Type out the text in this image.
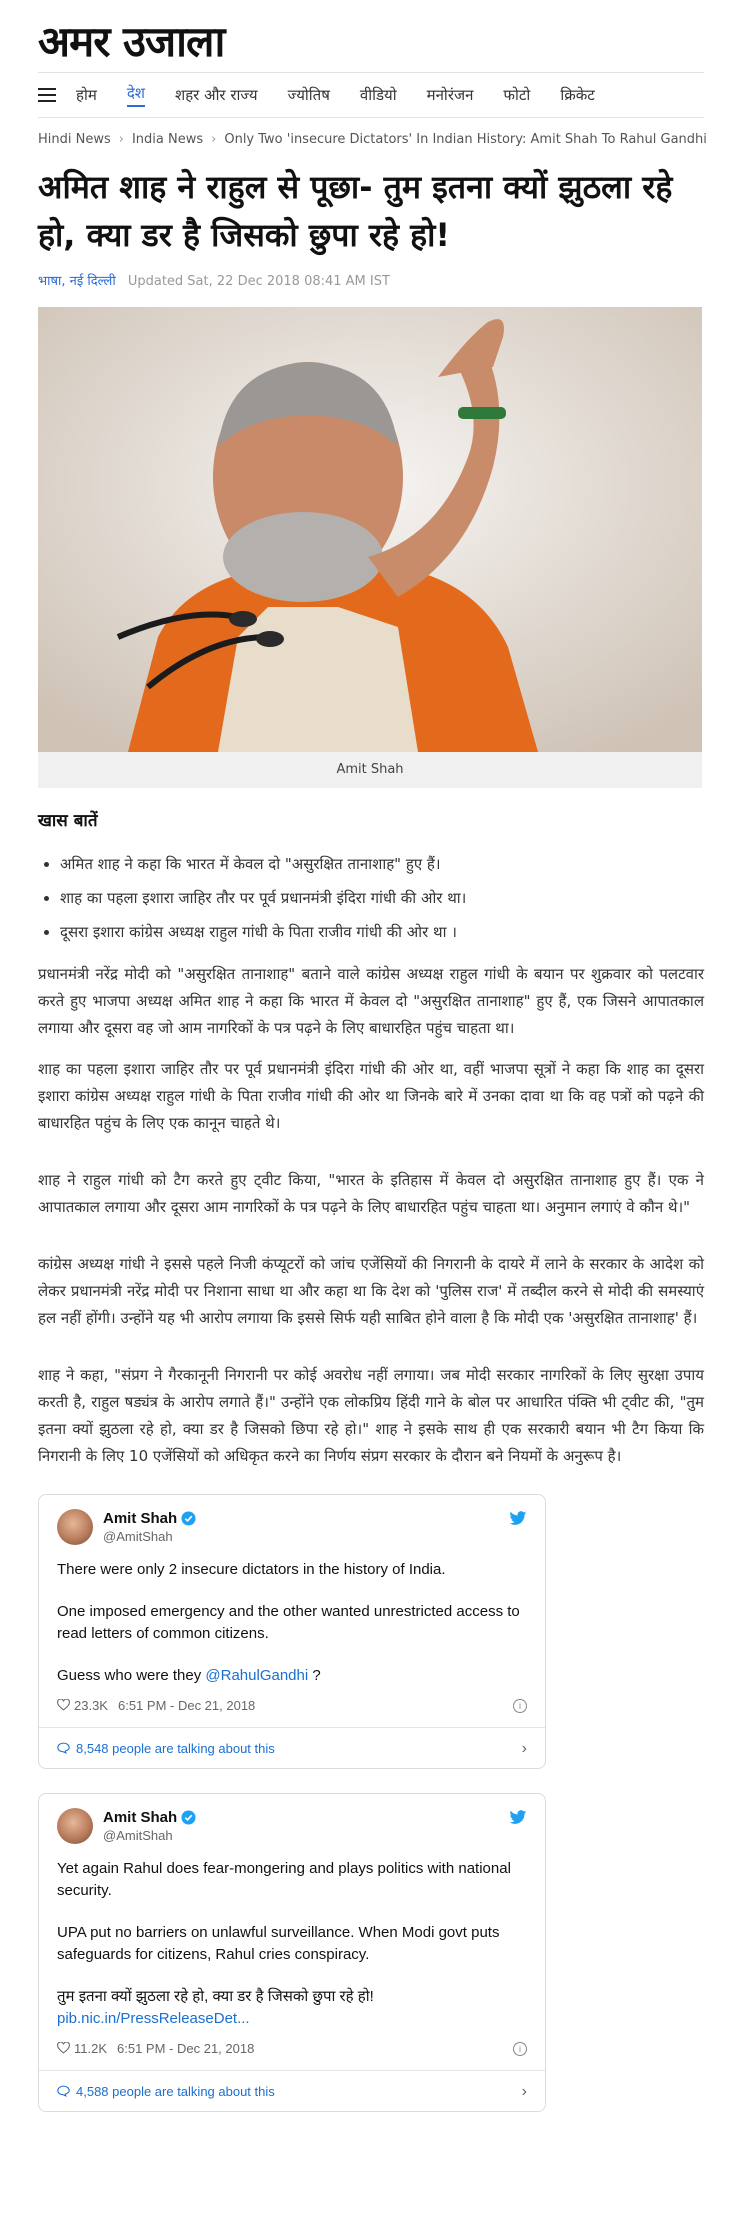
अमर उजाला
होम देश शहर और राज्य ज्योतिष वीडियो मनोरंजन फोटो क्रिकेट
Hindi News › India News › Only Two 'insecure Dictators' In Indian History: Amit Shah To Rahul Gandhi
अमित शाह ने राहुल से पूछा- तुम इतना क्यों झुठला रहे हो, क्या डर है जिसको छुपा रहे हो!
भाषा, नई दिल्ली Updated Sat, 22 Dec 2018 08:41 AM IST
Amit Shah
खास बातें
• अमित शाह ने कहा कि भारत में केवल दो "असुरक्षित तानाशाह" हुए हैं।
• शाह का पहला इशारा जाहिर तौर पर पूर्व प्रधानमंत्री इंदिरा गांधी की ओर था।
• दूसरा इशारा कांग्रेस अध्यक्ष राहुल गांधी के पिता राजीव गांधी की ओर था ।
प्रधानमंत्री नरेंद्र मोदी को "असुरक्षित तानाशाह" बताने वाले कांग्रेस अध्यक्ष राहुल गांधी के बयान पर शुक्रवार को पलटवार करते हुए भाजपा अध्यक्ष अमित शाह ने कहा कि भारत में केवल दो "असुरक्षित तानाशाह" हुए हैं, एक जिसने आपातकाल लगाया और दूसरा वह जो आम नागरिकों के पत्र पढ़ने के लिए बाधारहित पहुंच चाहता था।
शाह का पहला इशारा जाहिर तौर पर पूर्व प्रधानमंत्री इंदिरा गांधी की ओर था, वहीं भाजपा सूत्रों ने कहा कि शाह का दूसरा इशारा कांग्रेस अध्यक्ष राहुल गांधी के पिता राजीव गांधी की ओर था जिनके बारे में उनका दावा था कि वह पत्रों को पढ़ने की बाधारहित पहुंच के लिए एक कानून चाहते थे।
शाह ने राहुल गांधी को टैग करते हुए ट्वीट किया, "भारत के इतिहास में केवल दो असुरक्षित तानाशाह हुए हैं। एक ने आपातकाल लगाया और दूसरा आम नागरिकों के पत्र पढ़ने के लिए बाधारहित पहुंच चाहता था। अनुमान लगाएं वे कौन थे।"
कांग्रेस अध्यक्ष गांधी ने इससे पहले निजी कंप्यूटरों को जांच एजेंसियों की निगरानी के दायरे में लाने के सरकार के आदेश को लेकर प्रधानमंत्री नरेंद्र मोदी पर निशाना साधा था और कहा था कि देश को 'पुलिस राज' में तब्दील करने से मोदी की समस्याएं हल नहीं होंगी। उन्होंने यह भी आरोप लगाया कि इससे सिर्फ यही साबित होने वाला है कि मोदी एक 'असुरक्षित तानाशाह' हैं।
शाह ने कहा, "संप्रग ने गैरकानूनी निगरानी पर कोई अवरोध नहीं लगाया। जब मोदी सरकार नागरिकों के लिए सुरक्षा उपाय करती है, राहुल षड्यंत्र के आरोप लगाते हैं।" उन्होंने एक लोकप्रिय हिंदी गाने के बोल पर आधारित पंक्ति भी ट्वीट की, "तुम इतना क्यों झुठला रहे हो, क्या डर है जिसको छिपा रहे हो।" शाह ने इसके साथ ही एक सरकारी बयान भी टैग किया कि निगरानी के लिए 10 एजेंसियों को अधिकृत करने का निर्णय संप्रग सरकार के दौरान बने नियमों के अनुरूप है।
Amit Shah
@AmitShah

There were only 2 insecure dictators in the history of India.

One imposed emergency and the other wanted unrestricted access to read letters of common citizens.

Guess who were they @RahulGandhi ?

23.3K 6:51 PM - Dec 21, 2018	i
8,548 people are talking about this	›
Amit Shah
@AmitShah

Yet again Rahul does fear-mongering and plays politics with national security.

UPA put no barriers on unlawful surveillance. When Modi govt puts safeguards for citizens, Rahul cries conspiracy.

तुम इतना क्यों झुठला रहे हो, क्या डर है जिसको छुपा रहे हो!
pib.nic.in/PressReleaseDet...

11.2K 6:51 PM - Dec 21, 2018	i
4,588 people are talking about this	›
